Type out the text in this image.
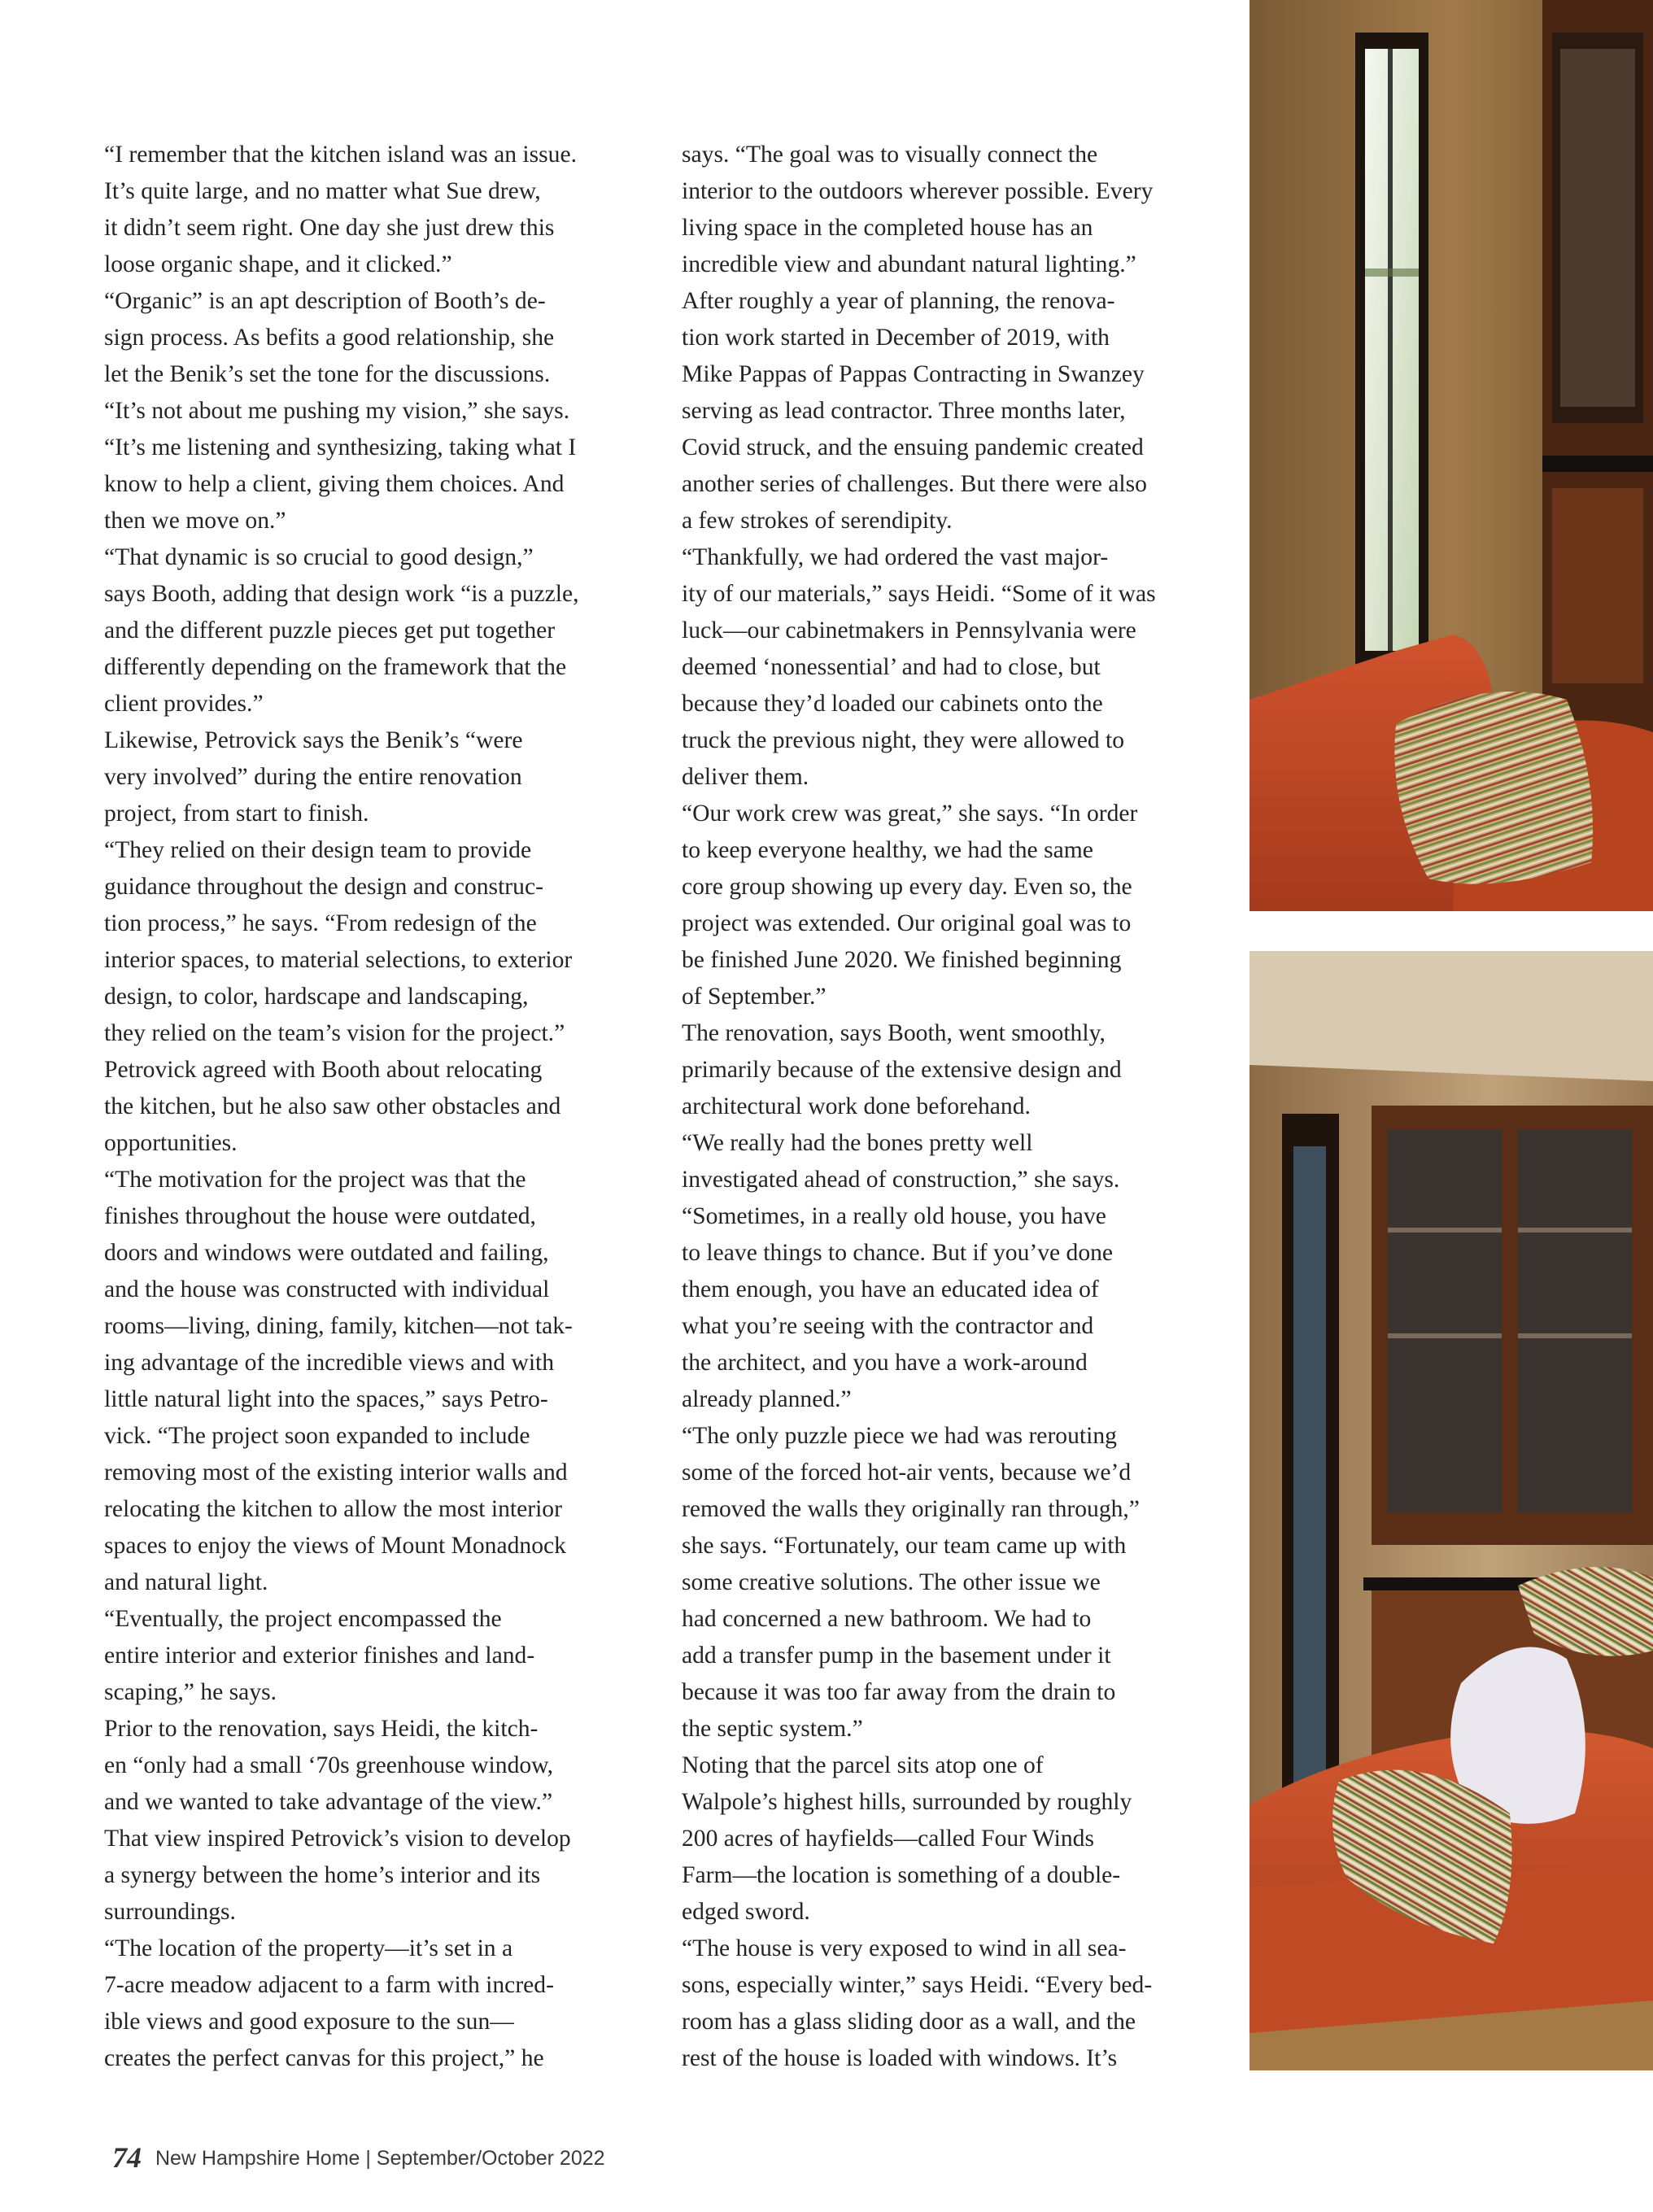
“I remember that the kitchen island was an issue.

It’s quite large, and no matter what Sue drew,

it didn’t seem right. One day she just drew this

loose organic shape, and it clicked.”

“Organic” is an apt description of Booth’s de-

sign process. As befits a good relationship, she

let the Benik’s set the tone for the discussions.

“It’s not about me pushing my vision,” she says.

“It’s me listening and synthesizing, taking what I

know to help a client, giving them choices. And

then we move on.”

“That dynamic is so crucial to good design,”

says Booth, adding that design work “is a puzzle,

and the different puzzle pieces get put together

differently depending on the framework that the

client provides.”

Likewise, Petrovick says the Benik’s “were

very involved” during the entire renovation

project, from start to finish.

“They relied on their design team to provide

guidance throughout the design and construc-

tion process,” he says. “From redesign of the

interior spaces, to material selections, to exterior

design, to color, hardscape and landscaping,

they relied on the team’s vision for the project.”

Petrovick agreed with Booth about relocating

the kitchen, but he also saw other obstacles and

opportunities.

“The motivation for the project was that the

finishes throughout the house were outdated,

doors and windows were outdated and failing,

and the house was constructed with individual

rooms—living, dining, family, kitchen—not tak-

ing advantage of the incredible views and with

little natural light into the spaces,” says Petro-

vick. “The project soon expanded to include

removing most of the existing interior walls and

relocating the kitchen to allow the most interior

spaces to enjoy the views of Mount Monadnock

and natural light.

“Eventually, the project encompassed the

entire interior and exterior finishes and land-

scaping,” he says.

Prior to the renovation, says Heidi, the kitch-

en “only had a small ‘70s greenhouse window,

and we wanted to take advantage of the view.”

That view inspired Petrovick’s vision to develop

a synergy between the home’s interior and its

surroundings.

“The location of the property—it’s set in a

7-acre meadow adjacent to a farm with incred-

ible views and good exposure to the sun—

creates the perfect canvas for this project,” he

says. “The goal was to visually connect the

interior to the outdoors wherever possible. Every

living space in the completed house has an

incredible view and abundant natural lighting.”

After roughly a year of planning, the renova-

tion work started in December of 2019, with

Mike Pappas of Pappas Contracting in Swanzey

serving as lead contractor. Three months later,

Covid struck, and the ensuing pandemic created

another series of challenges. But there were also

a few strokes of serendipity.

“Thankfully, we had ordered the vast major-

ity of our materials,” says Heidi. “Some of it was

luck—our cabinetmakers in Pennsylvania were

deemed ‘nonessential’ and had to close, but

because they’d loaded our cabinets onto the

truck the previous night, they were allowed to

deliver them.

“Our work crew was great,” she says. “In order

to keep everyone healthy, we had the same

core group showing up every day. Even so, the

project was extended. Our original goal was to

be finished June 2020. We finished beginning

of September.”

The renovation, says Booth, went smoothly,

primarily because of the extensive design and

architectural work done beforehand.

“We really had the bones pretty well

investigated ahead of construction,” she says.

“Sometimes, in a really old house, you have

to leave things to chance. But if you’ve done

them enough, you have an educated idea of

what you’re seeing with the contractor and

the architect, and you have a work-around

already planned.”

“The only puzzle piece we had was rerouting

some of the forced hot-air vents, because we’d

removed the walls they originally ran through,”

she says. “Fortunately, our team came up with

some creative solutions. The other issue we

had concerned a new bathroom. We had to

add a transfer pump in the basement under it

because it was too far away from the drain to

the septic system.”

Noting that the parcel sits atop one of

Walpole’s highest hills, surrounded by roughly

200 acres of hayfields—called Four Winds

Farm—the location is something of a double-

edged sword.

“The house is very exposed to wind in all sea-

sons, especially winter,” says Heidi. “Every bed-

room has a glass sliding door as a wall, and the

rest of the house is loaded with windows. It’s

74 New Hampshire Home | September/October 2022
